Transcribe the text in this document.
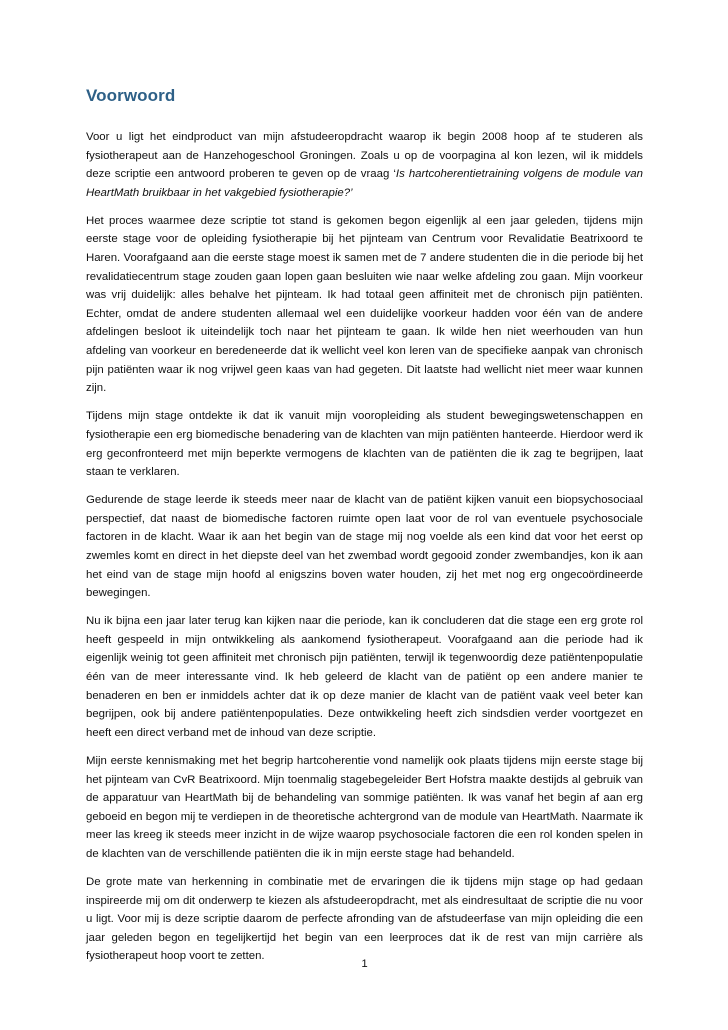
Voorwoord

Voor u ligt het eindproduct van mijn afstudeeropdracht waarop ik begin 2008 hoop af te studeren als fysiotherapeut aan de Hanzehogeschool Groningen. Zoals u op de voorpagina al kon lezen, wil ik middels deze scriptie een antwoord proberen te geven op de vraag ‘Is hartcoherentietraining volgens de module van HeartMath bruikbaar in het vakgebied fysiotherapie?’

Het proces waarmee deze scriptie tot stand is gekomen begon eigenlijk al een jaar geleden, tijdens mijn eerste stage voor de opleiding fysiotherapie bij het pijnteam van Centrum voor Revalidatie Beatrixoord te Haren. Voorafgaand aan die eerste stage moest ik samen met de 7 andere studenten die in die periode bij het revalidatiecentrum stage zouden gaan lopen gaan besluiten wie naar welke afdeling zou gaan. Mijn voorkeur was vrij duidelijk: alles behalve het pijnteam. Ik had totaal geen affiniteit met de chronisch pijn patiënten. Echter, omdat de andere studenten allemaal wel een duidelijke voorkeur hadden voor één van de andere afdelingen besloot ik uiteindelijk toch naar het pijnteam te gaan. Ik wilde hen niet weerhouden van hun afdeling van voorkeur en beredeneerde dat ik wellicht veel kon leren van de specifieke aanpak van chronisch pijn patiënten waar ik nog vrijwel geen kaas van had gegeten. Dit laatste had wellicht niet meer waar kunnen zijn.

Tijdens mijn stage ontdekte ik dat ik vanuit mijn vooropleiding als student bewegingswetenschappen en fysiotherapie een erg biomedische benadering van de klachten van mijn patiënten hanteerde. Hierdoor werd ik erg geconfronteerd met mijn beperkte vermogens de klachten van de patiënten die ik zag te begrijpen, laat staan te verklaren.

Gedurende de stage leerde ik steeds meer naar de klacht van de patiënt kijken vanuit een biopsychosociaal perspectief, dat naast de biomedische factoren ruimte open laat voor de rol van eventuele psychosociale factoren in de klacht. Waar ik aan het begin van de stage mij nog voelde als een kind dat voor het eerst op zwemles komt en direct in het diepste deel van het zwembad wordt gegooid zonder zwembandjes, kon ik aan het eind van de stage mijn hoofd al enigszins boven water houden, zij het met nog erg ongecoördineerde bewegingen.

Nu ik bijna een jaar later terug kan kijken naar die periode, kan ik concluderen dat die stage een erg grote rol heeft gespeeld in mijn ontwikkeling als aankomend fysiotherapeut. Voorafgaand aan die periode had ik eigenlijk weinig tot geen affiniteit met chronisch pijn patiënten, terwijl ik tegenwoordig deze patiëntenpopulatie één van de meer interessante vind. Ik heb geleerd de klacht van de patiënt op een andere manier te benaderen en ben er inmiddels achter dat ik op deze manier de klacht van de patiënt vaak veel beter kan begrijpen, ook bij andere patiëntenpopulaties. Deze ontwikkeling heeft zich sindsdien verder voortgezet en heeft een direct verband met de inhoud van deze scriptie.

Mijn eerste kennismaking met het begrip hartcoherentie vond namelijk ook plaats tijdens mijn eerste stage bij het pijnteam van CvR Beatrixoord. Mijn toenmalig stagebegeleider Bert Hofstra maakte destijds al gebruik van de apparatuur van HeartMath bij de behandeling van sommige patiënten. Ik was vanaf het begin af aan erg geboeid en begon mij te verdiepen in de theoretische achtergrond van de module van HeartMath. Naarmate ik meer las kreeg ik steeds meer inzicht in de wijze waarop psychosociale factoren die een rol konden spelen in de klachten van de verschillende patiënten die ik in mijn eerste stage had behandeld.

De grote mate van herkenning in combinatie met de ervaringen die ik tijdens mijn stage op had gedaan inspireerde mij om dit onderwerp te kiezen als afstudeeropdracht, met als eindresultaat de scriptie die nu voor u ligt. Voor mij is deze scriptie daarom de perfecte afronding van de afstudeerfase van mijn opleiding die een jaar geleden begon en tegelijkertijd het begin van een leerproces dat ik de rest van mijn carrière als fysiotherapeut hoop voort te zetten.

1
